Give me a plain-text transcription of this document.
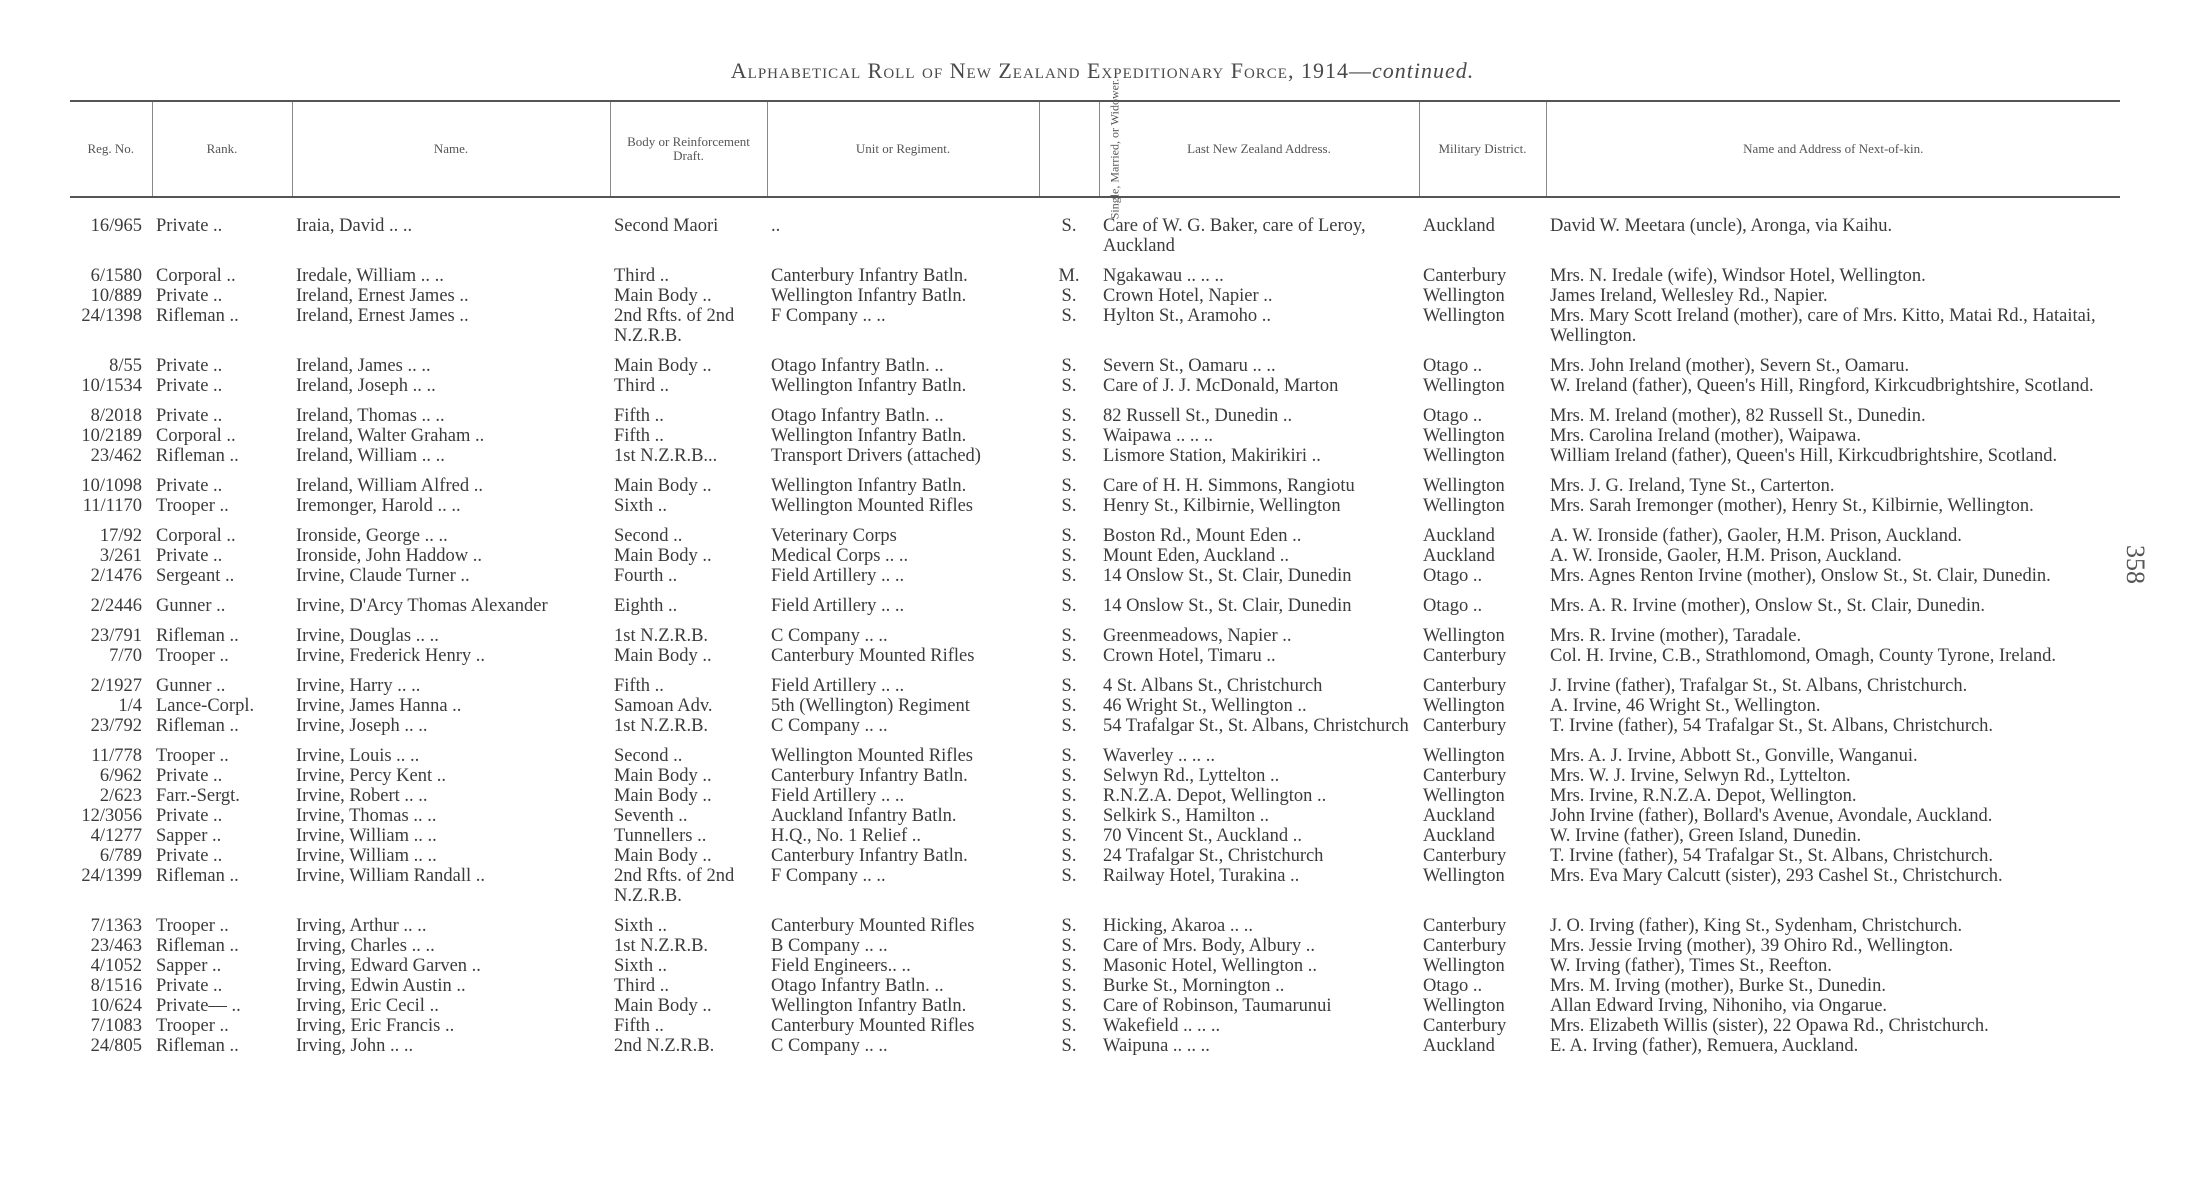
Alphabetical Roll of New Zealand Expeditionary Force, 1914—continued.
358
Reg. No.	Rank.	Name.	Body or Reinforcement Draft.	Unit or Regiment.	Single, Married, or Widower.	Last New Zealand Address.	Military District.	Name and Address of Next-of-kin.
16/965	Private ..	Iraia, David .. ..	Second Maori	..	S.	Care of W. G. Baker, care of Leroy, Auckland	Auckland	David W. Meetara (uncle), Aronga, via Kaihu.
6/1580	Corporal ..	Iredale, William .. ..	Third ..	Canterbury Infantry Batln.	M.	Ngakawau .. .. ..	Canterbury	Mrs. N. Iredale (wife), Windsor Hotel, Wellington.
10/889	Private ..	Ireland, Ernest James ..	Main Body ..	Wellington Infantry Batln.	S.	Crown Hotel, Napier ..	Wellington	James Ireland, Wellesley Rd., Napier.
24/1398	Rifleman ..	Ireland, Ernest James ..	2nd Rfts. of 2nd N.Z.R.B.	F Company .. ..	S.	Hylton St., Aramoho ..	Wellington	Mrs. Mary Scott Ireland (mother), care of Mrs. Kitto, Matai Rd., Hataitai, Wellington.
8/55	Private ..	Ireland, James .. ..	Main Body ..	Otago Infantry Batln. ..	S.	Severn St., Oamaru .. ..	Otago ..	Mrs. John Ireland (mother), Severn St., Oamaru.
10/1534	Private ..	Ireland, Joseph .. ..	Third ..	Wellington Infantry Batln.	S.	Care of J. J. McDonald, Marton	Wellington	W. Ireland (father), Queen's Hill, Ringford, Kirkcudbrightshire, Scotland.
8/2018	Private ..	Ireland, Thomas .. ..	Fifth ..	Otago Infantry Batln. ..	S.	82 Russell St., Dunedin ..	Otago ..	Mrs. M. Ireland (mother), 82 Russell St., Dunedin.
10/2189	Corporal ..	Ireland, Walter Graham ..	Fifth ..	Wellington Infantry Batln.	S.	Waipawa .. .. ..	Wellington	Mrs. Carolina Ireland (mother), Waipawa.
23/462	Rifleman ..	Ireland, William .. ..	1st N.Z.R.B...	Transport Drivers (attached)	S.	Lismore Station, Makirikiri ..	Wellington	William Ireland (father), Queen's Hill, Kirkcudbrightshire, Scotland.
10/1098	Private ..	Ireland, William Alfred ..	Main Body ..	Wellington Infantry Batln.	S.	Care of H. H. Simmons, Rangiotu	Wellington	Mrs. J. G. Ireland, Tyne St., Carterton.
11/1170	Trooper ..	Iremonger, Harold .. ..	Sixth ..	Wellington Mounted Rifles	S.	Henry St., Kilbirnie, Wellington	Wellington	Mrs. Sarah Iremonger (mother), Henry St., Kilbirnie, Wellington.
17/92	Corporal ..	Ironside, George .. ..	Second ..	Veterinary Corps	S.	Boston Rd., Mount Eden ..	Auckland	A. W. Ironside (father), Gaoler, H.M. Prison, Auckland.
3/261	Private ..	Ironside, John Haddow ..	Main Body ..	Medical Corps .. ..	S.	Mount Eden, Auckland ..	Auckland	A. W. Ironside, Gaoler, H.M. Prison, Auckland.
2/1476	Sergeant ..	Irvine, Claude Turner ..	Fourth ..	Field Artillery .. ..	S.	14 Onslow St., St. Clair, Dunedin	Otago ..	Mrs. Agnes Renton Irvine (mother), Onslow St., St. Clair, Dunedin.
2/2446	Gunner ..	Irvine, D'Arcy Thomas Alexander	Eighth ..	Field Artillery .. ..	S.	14 Onslow St., St. Clair, Dunedin	Otago ..	Mrs. A. R. Irvine (mother), Onslow St., St. Clair, Dunedin.
23/791	Rifleman ..	Irvine, Douglas .. ..	1st N.Z.R.B.	C Company .. ..	S.	Greenmeadows, Napier ..	Wellington	Mrs. R. Irvine (mother), Taradale.
7/70	Trooper ..	Irvine, Frederick Henry ..	Main Body ..	Canterbury Mounted Rifles	S.	Crown Hotel, Timaru ..	Canterbury	Col. H. Irvine, C.B., Strathlomond, Omagh, County Tyrone, Ireland.
2/1927	Gunner ..	Irvine, Harry .. ..	Fifth ..	Field Artillery .. ..	S.	4 St. Albans St., Christchurch	Canterbury	J. Irvine (father), Trafalgar St., St. Albans, Christchurch.
1/4	Lance-Corpl.	Irvine, James Hanna ..	Samoan Adv.	5th (Wellington) Regiment	S.	46 Wright St., Wellington ..	Wellington	A. Irvine, 46 Wright St., Wellington.
23/792	Rifleman ..	Irvine, Joseph .. ..	1st N.Z.R.B.	C Company .. ..	S.	54 Trafalgar St., St. Albans, Christchurch	Canterbury	T. Irvine (father), 54 Trafalgar St., St. Albans, Christchurch.
11/778	Trooper ..	Irvine, Louis .. ..	Second ..	Wellington Mounted Rifles	S.	Waverley .. .. ..	Wellington	Mrs. A. J. Irvine, Abbott St., Gonville, Wanganui.
6/962	Private ..	Irvine, Percy Kent ..	Main Body ..	Canterbury Infantry Batln.	S.	Selwyn Rd., Lyttelton ..	Canterbury	Mrs. W. J. Irvine, Selwyn Rd., Lyttelton.
2/623	Farr.-Sergt.	Irvine, Robert .. ..	Main Body ..	Field Artillery .. ..	S.	R.N.Z.A. Depot, Wellington ..	Wellington	Mrs. Irvine, R.N.Z.A. Depot, Wellington.
12/3056	Private ..	Irvine, Thomas .. ..	Seventh ..	Auckland Infantry Batln.	S.	Selkirk S., Hamilton ..	Auckland	John Irvine (father), Bollard's Avenue, Avondale, Auckland.
4/1277	Sapper ..	Irvine, William .. ..	Tunnellers ..	H.Q., No. 1 Relief ..	S.	70 Vincent St., Auckland ..	Auckland	W. Irvine (father), Green Island, Dunedin.
6/789	Private ..	Irvine, William .. ..	Main Body ..	Canterbury Infantry Batln.	S.	24 Trafalgar St., Christchurch	Canterbury	T. Irvine (father), 54 Trafalgar St., St. Albans, Christchurch.
24/1399	Rifleman ..	Irvine, William Randall ..	2nd Rfts. of 2nd N.Z.R.B.	F Company .. ..	S.	Railway Hotel, Turakina ..	Wellington	Mrs. Eva Mary Calcutt (sister), 293 Cashel St., Christchurch.
7/1363	Trooper ..	Irving, Arthur .. ..	Sixth ..	Canterbury Mounted Rifles	S.	Hicking, Akaroa .. ..	Canterbury	J. O. Irving (father), King St., Sydenham, Christchurch.
23/463	Rifleman ..	Irving, Charles .. ..	1st N.Z.R.B.	B Company .. ..	S.	Care of Mrs. Body, Albury ..	Canterbury	Mrs. Jessie Irving (mother), 39 Ohiro Rd., Wellington.
4/1052	Sapper ..	Irving, Edward Garven ..	Sixth ..	Field Engineers.. ..	S.	Masonic Hotel, Wellington ..	Wellington	W. Irving (father), Times St., Reefton.
8/1516	Private ..	Irving, Edwin Austin ..	Third ..	Otago Infantry Batln. ..	S.	Burke St., Mornington ..	Otago ..	Mrs. M. Irving (mother), Burke St., Dunedin.
10/624	Private— ..	Irving, Eric Cecil ..	Main Body ..	Wellington Infantry Batln.	S.	Care of Robinson, Taumarunui	Wellington	Allan Edward Irving, Nihoniho, via Ongarue.
7/1083	Trooper ..	Irving, Eric Francis ..	Fifth ..	Canterbury Mounted Rifles	S.	Wakefield .. .. ..	Canterbury	Mrs. Elizabeth Willis (sister), 22 Opawa Rd., Christchurch.
24/805	Rifleman ..	Irving, John .. ..	2nd N.Z.R.B.	C Company .. ..	S.	Waipuna .. .. ..	Auckland	E. A. Irving (father), Remuera, Auckland.
